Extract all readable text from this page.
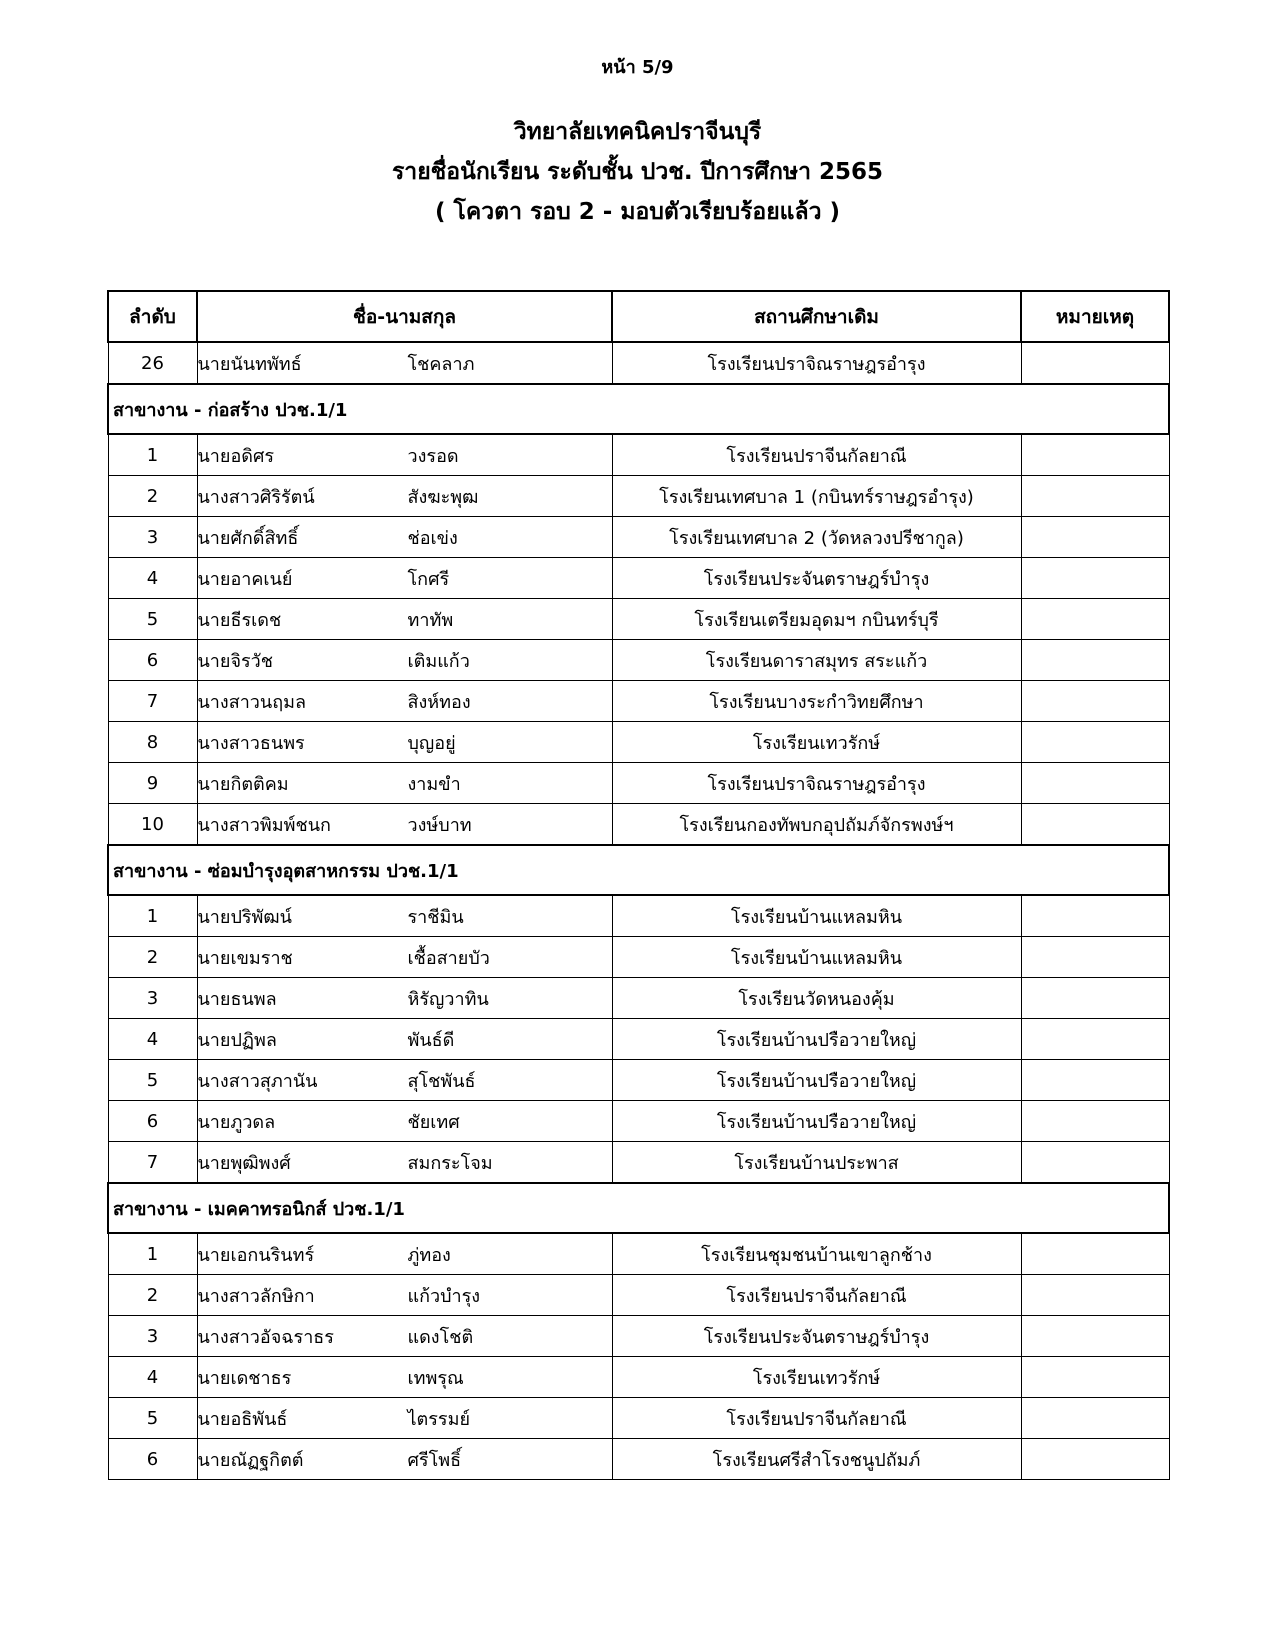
หน้า 5/9
วิทยาลัยเทคนิคปราจีนบุรี
รายชื่อนักเรียน ระดับชั้น ปวช. ปีการศึกษา 2565
( โควตา รอบ 2 - มอบตัวเรียบร้อยแล้ว )
ลำดับ	ชื่อ-นามสกุล	สถานศึกษาเดิม	หมายเหตุ
26	นายนันทพัทธ์ โชคลาภ	โรงเรียนปราจิณราษฎรอำรุง	
สาขางาน - ก่อสร้าง ปวช.1/1			
1	นายอดิศร วงรอด	โรงเรียนปราจีนกัลยาณี	
2	นางสาวศิริรัตน์ สังฆะพุฒ	โรงเรียนเทศบาล 1 (กบินทร์ราษฎรอำรุง)	
3	นายศักดิ์สิทธิ์ ช่อเข่ง	โรงเรียนเทศบาล 2 (วัดหลวงปรีชากูล)	
4	นายอาคเนย์ โกศรี	โรงเรียนประจันตราษฎร์บำรุง	
5	นายธีรเดช ทาทัพ	โรงเรียนเตรียมอุดมฯ กบินทร์บุรี	
6	นายจิรวัช เติมแก้ว	โรงเรียนดาราสมุทร สระแก้ว	
7	นางสาวนฤมล สิงห์ทอง	โรงเรียนบางระกำวิทยศึกษา	
8	นางสาวธนพร บุญอยู่	โรงเรียนเทวรักษ์	
9	นายกิตติคม งามขำ	โรงเรียนปราจิณราษฎรอำรุง	
10	นางสาวพิมพ์ชนก วงษ์บาท	โรงเรียนกองทัพบกอุปถัมภ์จักรพงษ์ฯ	
สาขางาน - ซ่อมบำรุงอุตสาหกรรม ปวช.1/1			
1	นายปริพัฒน์ ราชีมิน	โรงเรียนบ้านแหลมหิน	
2	นายเขมราช เชื้อสายบัว	โรงเรียนบ้านแหลมหิน	
3	นายธนพล หิรัญวาทิน	โรงเรียนวัดหนองคุ้ม	
4	นายปฏิพล พันธ์ดี	โรงเรียนบ้านปรือวายใหญ่	
5	นางสาวสุภานัน สุโชพันธ์	โรงเรียนบ้านปรือวายใหญ่	
6	นายภูวดล ชัยเทศ	โรงเรียนบ้านปรือวายใหญ่	
7	นายพุฒิพงศ์ สมกระโจม	โรงเรียนบ้านประพาส	
สาขางาน - เมคคาทรอนิกส์ ปวช.1/1			
1	นายเอกนรินทร์ ภู่ทอง	โรงเรียนชุมชนบ้านเขาลูกช้าง	
2	นางสาวลักษิกา แก้วบำรุง	โรงเรียนปราจีนกัลยาณี	
3	นางสาวอัจฉราธร แดงโชติ	โรงเรียนประจันตราษฎร์บำรุง	
4	นายเดชาธร เทพรุณ	โรงเรียนเทวรักษ์	
5	นายอธิพันธ์ ไตรรมย์	โรงเรียนปราจีนกัลยาณี	
6	นายณัฏฐกิตต์ ศรีโพธิ์	โรงเรียนศรีสำโรงชนูปถัมภ์	
